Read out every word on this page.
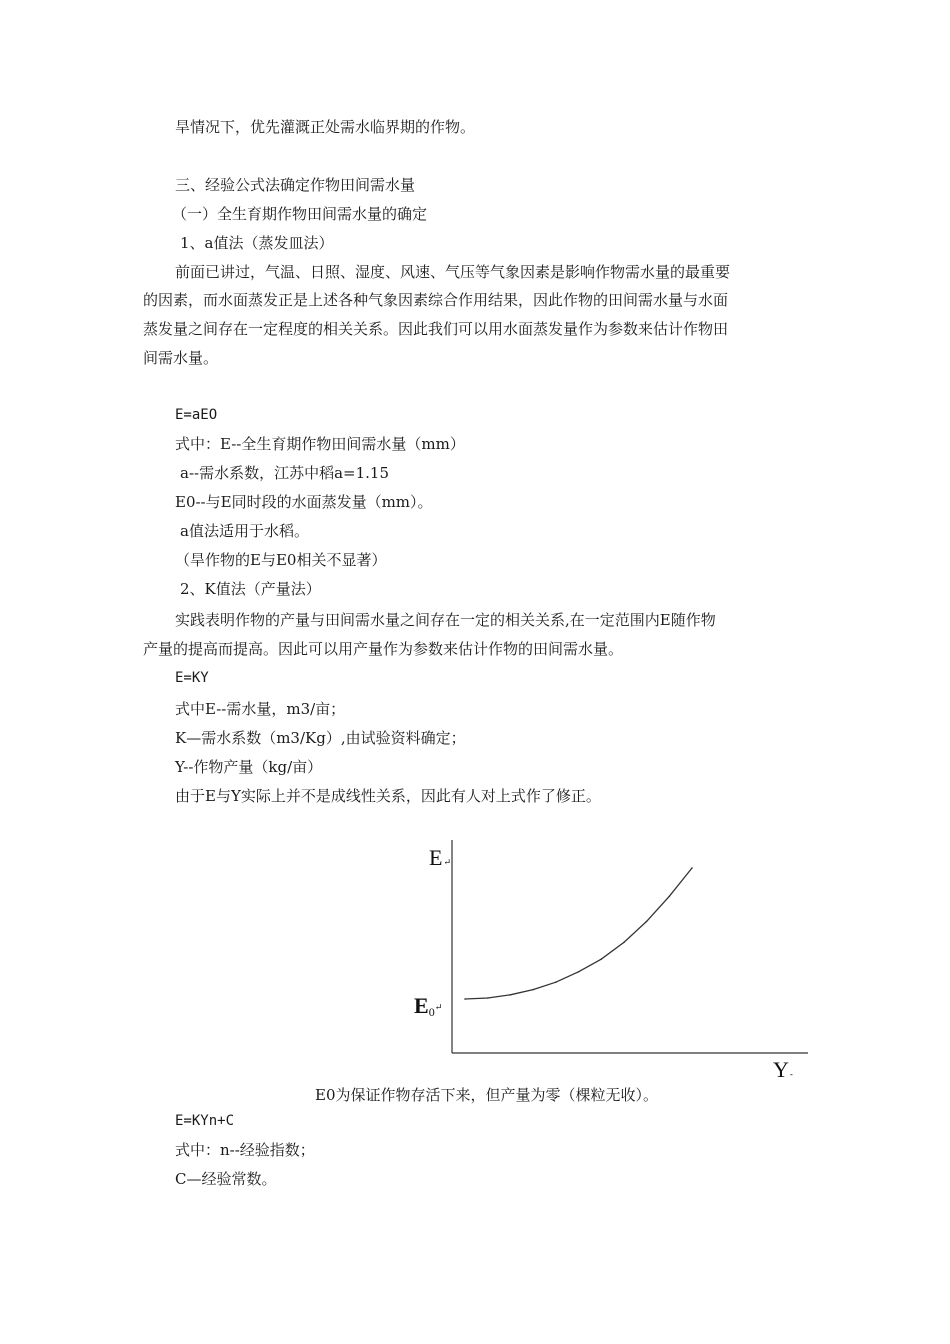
旱情况下，优先灌溉正处需水临界期的作物。
三、经验公式法确定作物田间需水量
（一）全生育期作物田间需水量的确定
1、a值法（蒸发皿法）
前面已讲过，气温、日照、湿度、风速、气压等气象因素是影响作物需水量的最重要
的因素，而水面蒸发正是上述各种气象因素综合作用结果，因此作物的田间需水量与水面
蒸发量之间存在一定程度的相关关系。因此我们可以用水面蒸发量作为参数来估计作物田
间需水量。
E=aEO
式中：E--全生育期作物田间需水量（mm）
a--需水系数，江苏中稻a=1.15
E0--与E同时段的水面蒸发量（mm）。
a值法适用于水稻。
（旱作物的E与E0相关不显著）
2、K值法（产量法）
实践表明作物的产量与田间需水量之间存在一定的相关关系,在一定范围内E随作物
产量的提高而提高。因此可以用产量作为参数来估计作物的田间需水量。
E=KY
式中E--需水量，m3/亩；
K—需水系数（m3/Kg）,由试验资料确定；
Y--作物产量（kg/亩）
由于E与Y实际上并不是成线性关系，因此有人对上式作了修正。
E↵
E0↵
Y-
E0为保证作物存活下来，但产量为零（棵粒无收）。
E=KYn+C
式中：n--经验指数；
C—经验常数。
